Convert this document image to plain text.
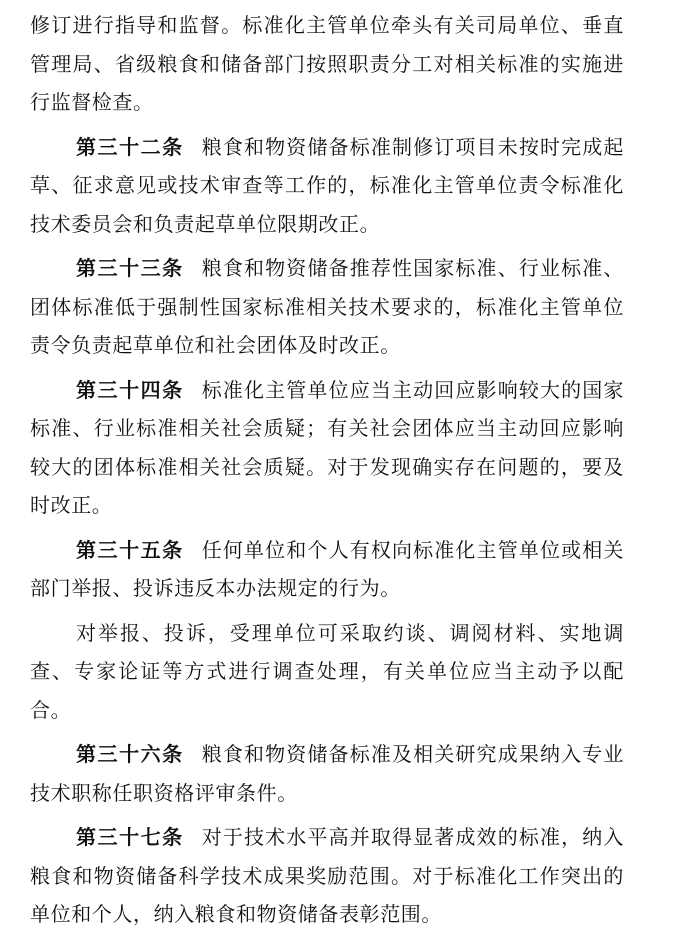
修订进行指导和监督。标准化主管单位牵头有关司局单位、垂直管理局、省级粮食和储备部门按照职责分工对相关标准的实施进行监督检查。

第三十二条 粮食和物资储备标准制修订项目未按时完成起草、征求意见或技术审查等工作的，标准化主管单位责令标准化技术委员会和负责起草单位限期改正。

第三十三条 粮食和物资储备推荐性国家标准、行业标准、团体标准低于强制性国家标准相关技术要求的，标准化主管单位责令负责起草单位和社会团体及时改正。

第三十四条 标准化主管单位应当主动回应影响较大的国家标准、行业标准相关社会质疑；有关社会团体应当主动回应影响较大的团体标准相关社会质疑。对于发现确实存在问题的，要及时改正。

第三十五条 任何单位和个人有权向标准化主管单位或相关部门举报、投诉违反本办法规定的行为。

对举报、投诉，受理单位可采取约谈、调阅材料、实地调查、专家论证等方式进行调查处理，有关单位应当主动予以配合。

第三十六条 粮食和物资储备标准及相关研究成果纳入专业技术职称任职资格评审条件。

第三十七条 对于技术水平高并取得显著成效的标准，纳入粮食和物资储备科学技术成果奖励范围。对于标准化工作突出的单位和个人，纳入粮食和物资储备表彰范围。
